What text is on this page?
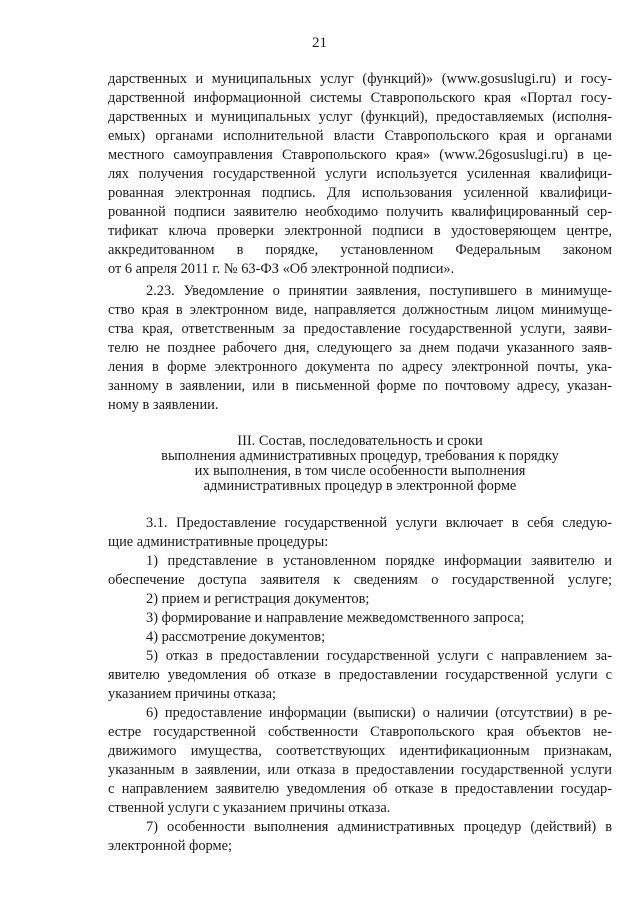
21
дарственных и муниципальных услуг (функций)» (www.gosuslugi.ru) и госу-
дарственной информационной системы Ставропольского края «Портал госу-
дарственных и муниципальных услуг (функций), предоставляемых (исполня-
емых) органами исполнительной власти Ставропольского края и органами
местного самоуправления Ставропольского края» (www.26gosuslugi.ru) в це-
лях получения государственной услуги используется усиленная квалифици-
рованная электронная подпись. Для использования усиленной квалифици-
рованной подписи заявителю необходимо получить квалифицированный сер-
тификат ключа проверки электронной подписи в удостоверяющем центре,
аккредитованном в порядке, установленном Федеральным законом
от 6 апреля 2011 г. № 63-ФЗ «Об электронной подписи».
2.23. Уведомление о принятии заявления, поступившего в минимуще-
ство края в электронном виде, направляется должностным лицом минимуще-
ства края, ответственным за предоставление государственной услуги, заяви-
телю не позднее рабочего дня, следующего за днем подачи указанного заяв-
ления в форме электронного документа по адресу электронной почты, ука-
занному в заявлении, или в письменной форме по почтовому адресу, указан-
ному в заявлении.
III. Состав, последовательность и сроки
выполнения административных процедур, требования к порядку
их выполнения, в том числе особенности выполнения
административных процедур в электронной форме
3.1. Предоставление государственной услуги включает в себя следую-
щие административные процедуры:
1) представление в установленном порядке информации заявителю и
обеспечение доступа заявителя к сведениям о государственной услуге;
2) прием и регистрация документов;
3) формирование и направление межведомственного запроса;
4) рассмотрение документов;
5) отказ в предоставлении государственной услуги с направлением за-
явителю уведомления об отказе в предоставлении государственной услуги с
указанием причины отказа;
6) предоставление информации (выписки) о наличии (отсутствии) в ре-
естре государственной собственности Ставропольского края объектов не-
движимого имущества, соответствующих идентификационным признакам,
указанным в заявлении, или отказа в предоставлении государственной услуги
с направлением заявителю уведомления об отказе в предоставлении государ-
ственной услуги с указанием причины отказа.
7) особенности выполнения административных процедур (действий) в
электронной форме;
